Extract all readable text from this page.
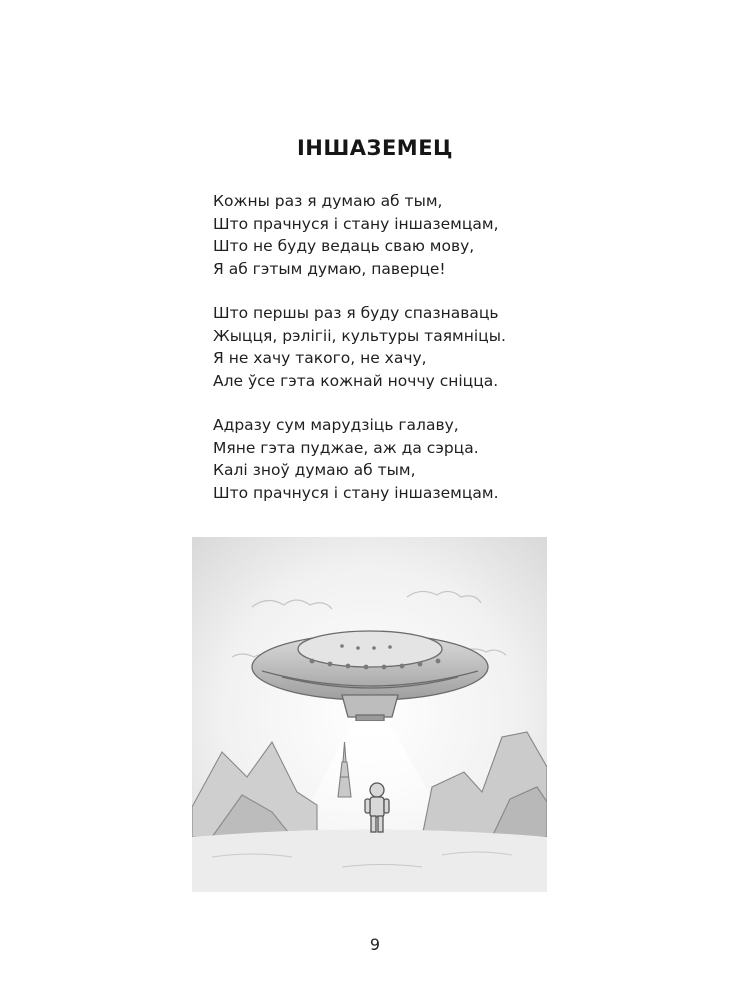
ІНШАЗЕМЕЦ
Кожны раз я думаю аб тым,
Што прачнуся і стану іншаземцам,
Што не буду ведаць сваю мову,
Я аб гэтым думаю, паверце!
Што першы раз я буду спазнаваць
Жыцця, рэлігіі, культуры таямніцы.
Я не хачу такого, не хачу,
Але ўсе гэта кожнай ноччу сніцца.
Адразу сум марудзіць галаву,
Мяне гэта пуджае, аж да сэрца.
Калі зноў думаю аб тым,
Што прачнуся і стану іншаземцам.
9
